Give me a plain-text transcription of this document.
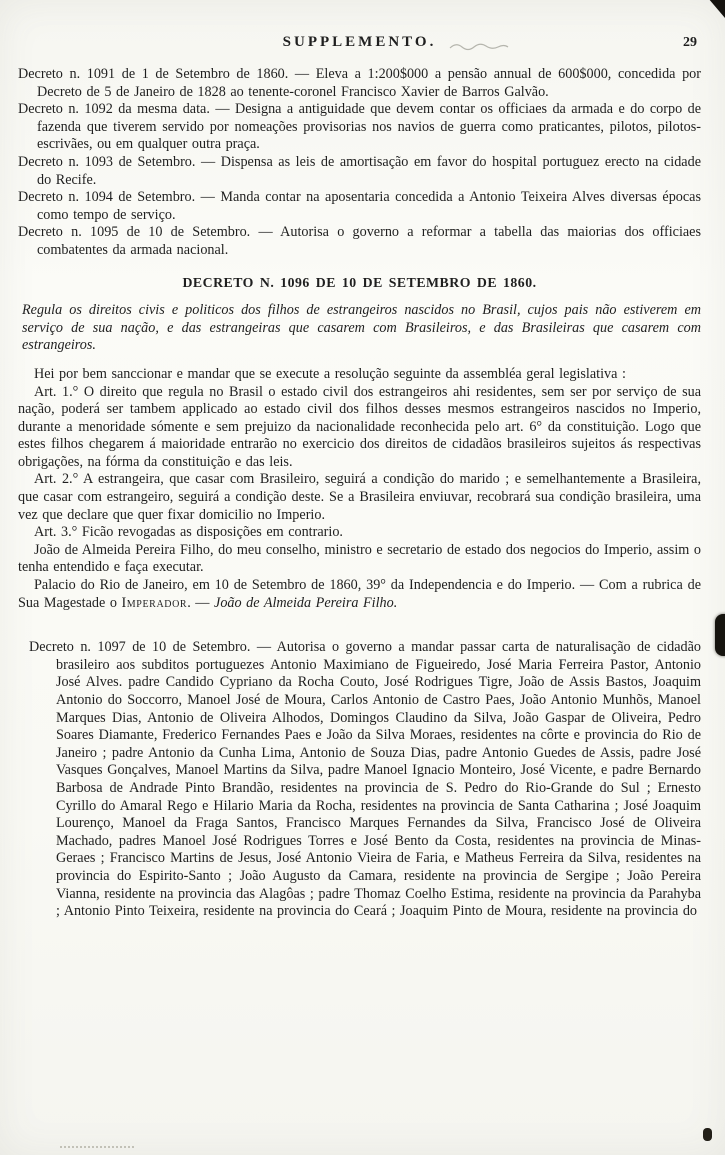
SUPPLEMENTO.	29

Decreto n. 1091 de 1 de Setembro de 1860. — Eleva a 1:200$000 a pensão annual de 600$000, concedida por Decreto de 5 de Janeiro de 1828 ao tenente-coronel Francisco Xavier de Barros Galvão.

Decreto n. 1092 da mesma data. — Designa a antiguidade que devem contar os officiaes da armada e do corpo de fazenda que tiverem servido por nomeações provisorias nos navios de guerra como praticantes, pilotos, pilotos-escrivães, ou em qualquer outra praça.

Decreto n. 1093 de Setembro. — Dispensa as leis de amortisação em favor do hospital portuguez erecto na cidade do Recife.

Decreto n. 1094 de Setembro. — Manda contar na aposentaria concedida a Antonio Teixeira Alves diversas épocas como tempo de serviço.

Decreto n. 1095 de 10 de Setembro. — Autorisa o governo a reformar a tabella das maiorias dos officiaes combatentes da armada nacional.

DECRETO N. 1096 DE 10 DE SETEMBRO DE 1860.

Regula os direitos civis e politicos dos filhos de estrangeiros nascidos no Brasil, cujos pais não estiverem em serviço de sua nação, e das estrangeiras que casarem com Brasileiros, e das Brasileiras que casarem com estrangeiros.

Hei por bem sanccionar e mandar que se execute a resolução seguinte da assembléa geral legislativa :

Art. 1.° O direito que regula no Brasil o estado civil dos estrangeiros ahi residentes, sem ser por serviço de sua nação, poderá ser tambem applicado ao estado civil dos filhos desses mesmos estrangeiros nascidos no Imperio, durante a menoridade sómente e sem prejuizo da nacionalidade reconhecida pelo art. 6° da constituição. Logo que estes filhos chegarem á maioridade entrarão no exercicio dos direitos de cidadãos brasileiros sujeitos ás respectivas obrigações, na fórma da constituição e das leis.

Art. 2.° A estrangeira, que casar com Brasileiro, seguirá a condição do marido ; e semelhantemente a Brasileira, que casar com estrangeiro, seguirá a condição deste. Se a Brasileira enviuvar, recobrará sua condição brasileira, uma vez que declare que quer fixar domicilio no Imperio.

Art. 3.° Ficão revogadas as disposições em contrario.

João de Almeida Pereira Filho, do meu conselho, ministro e secretario de estado dos negocios do Imperio, assim o tenha entendido e faça executar.

Palacio do Rio de Janeiro, em 10 de Setembro de 1860, 39° da Independencia e do Imperio. — Com a rubrica de Sua Magestade o Imperador. — João de Almeida Pereira Filho.

Decreto n. 1097 de 10 de Setembro. — Autorisa o governo a mandar passar carta de naturalisação de cidadão brasileiro aos subditos portuguezes Antonio Maximiano de Figueiredo, José Maria Ferreira Pastor, Antonio José Alves. padre Candido Cypriano da Rocha Couto, José Rodrigues Tigre, João de Assis Bastos, Joaquim Antonio do Soccorro, Manoel José de Moura, Carlos Antonio de Castro Paes, João Antonio Munhõs, Manoel Marques Dias, Antonio de Oliveira Alhodos, Domingos Claudino da Silva, João Gaspar de Oliveira, Pedro Soares Diamante, Frederico Fernandes Paes e João da Silva Moraes, residentes na côrte e provincia do Rio de Janeiro ; padre Antonio da Cunha Lima, Antonio de Souza Dias, padre Antonio Guedes de Assis, padre José Vasques Gonçalves, Manoel Martins da Silva, padre Manoel Ignacio Monteiro, José Vicente, e padre Bernardo Barbosa de Andrade Pinto Brandão, residentes na provincia de S. Pedro do Rio-Grande do Sul ; Ernesto Cyrillo do Amaral Rego e Hilario Maria da Rocha, residentes na provincia de Santa Catharina ; José Joaquim Lourenço, Manoel da Fraga Santos, Francisco Marques Fernandes da Silva, Francisco José de Oliveira Machado, padres Manoel José Rodrigues Torres e José Bento da Costa, residentes na provincia de Minas-Geraes ; Francisco Martins de Jesus, José Antonio Vieira de Faria, e Matheus Ferreira da Silva, residentes na provincia do Espirito-Santo ; João Augusto da Camara, residente na provincia de Sergipe ; João Pereira Vianna, residente na provincia das Alagôas ; padre Thomaz Coelho Estima, residente na provincia da Parahyba ; Antonio Pinto Teixeira, residente na provincia do Ceará ; Joaquim Pinto de Moura, residente na provincia do
